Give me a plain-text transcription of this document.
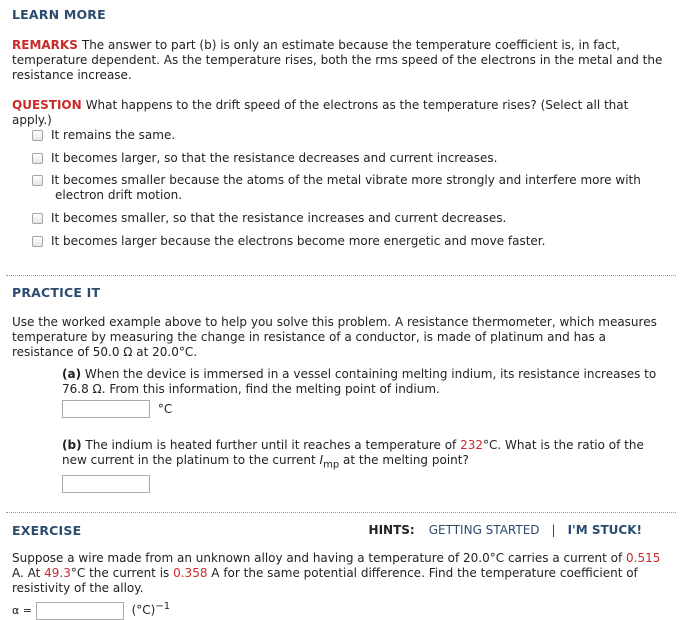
LEARN MORE

REMARKS The answer to part (b) is only an estimate because the temperature coefficient is, in fact,

temperature dependent. As the temperature rises, both the rms speed of the electrons in the metal and the

resistance increase.

QUESTION What happens to the drift speed of the electrons as the temperature rises? (Select all that

apply.)

It remains the same.
It becomes larger, so that the resistance decreases and current increases.
It becomes smaller because the atoms of the metal vibrate more strongly and interfere more with
electron drift motion.
It becomes smaller, so that the resistance increases and current decreases.
It becomes larger because the electrons become more energetic and move faster.
PRACTICE IT

Use the worked example above to help you solve this problem. A resistance thermometer, which measures

temperature by measuring the change in resistance of a conductor, is made of platinum and has a

resistance of 50.0 Ω at 20.0°C.

(a) When the device is immersed in a vessel containing melting indium, its resistance increases to

76.8 Ω. From this information, find the melting point of indium.

°C

(b) The indium is heated further until it reaches a temperature of 232°C. What is the ratio of the

new current in the platinum to the current $I_{mp}$ at the melting point?

EXERCISE	HINTS: GETTING STARTED | I'M STUCK!

Suppose a wire made from an unknown alloy and having a temperature of 20.0°C carries a current of 0.515

A. At 49.3°C the current is 0.358 A for the same potential difference. Find the temperature coefficient of

resistivity of the alloy.

α =	$(^\circ C)^{-1}$
